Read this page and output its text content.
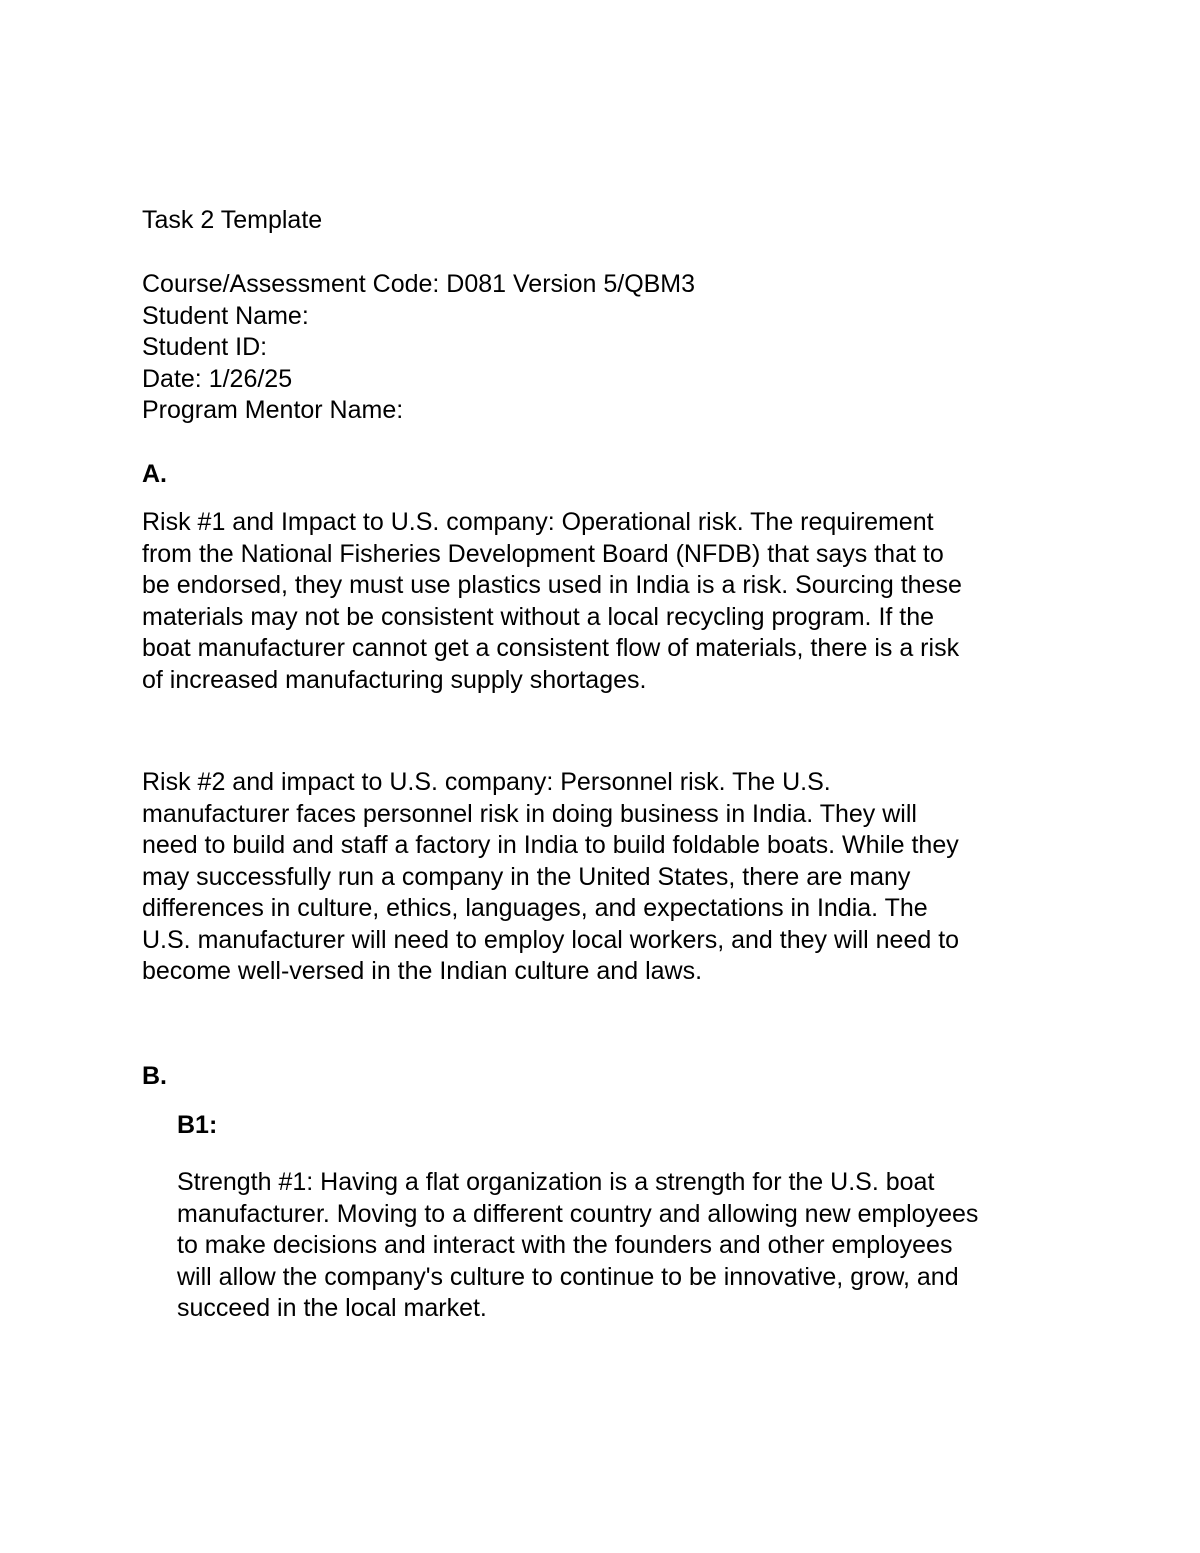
Task 2 Template

Course/Assessment Code: D081 Version 5/QBM3

Student Name:

Student ID:

Date: 1/26/25

Program Mentor Name:

A.

Risk #1 and Impact to U.S. company: Operational risk. The requirement

from the National Fisheries Development Board (NFDB) that says that to

be endorsed, they must use plastics used in India is a risk. Sourcing these

materials may not be consistent without a local recycling program. If the

boat manufacturer cannot get a consistent flow of materials, there is a risk

of increased manufacturing supply shortages.

Risk #2 and impact to U.S. company: Personnel risk. The U.S.

manufacturer faces personnel risk in doing business in India. They will

need to build and staff a factory in India to build foldable boats. While they

may successfully run a company in the United States, there are many

differences in culture, ethics, languages, and expectations in India. The

U.S. manufacturer will need to employ local workers, and they will need to

become well-versed in the Indian culture and laws.

B.

B1:

Strength #1: Having a flat organization is a strength for the U.S. boat

manufacturer. Moving to a different country and allowing new employees

to make decisions and interact with the founders and other employees

will allow the company's culture to continue to be innovative, grow, and

succeed in the local market.
